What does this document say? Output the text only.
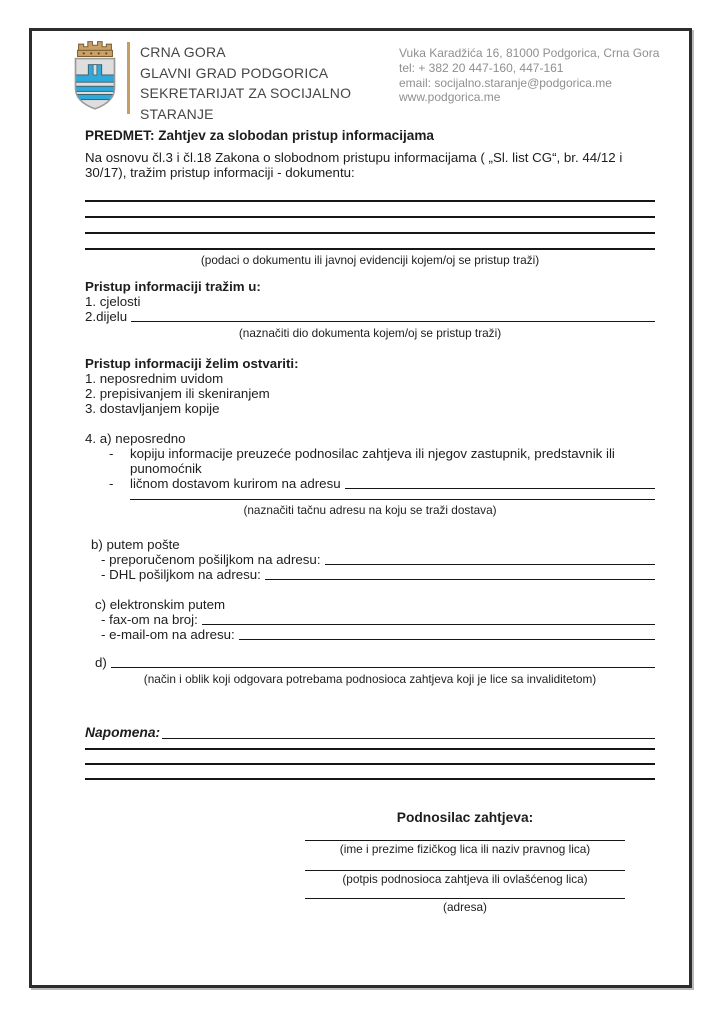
CRNA GORA
GLAVNI GRAD PODGORICA
SEKRETARIJAT ZA SOCIJALNO
STARANJE
Vuka Karadžića 16, 81000 Podgorica, Crna Gora
tel: + 382 20 447-160, 447-161
email: socijalno.staranje@podgorica.me
www.podgorica.me
PREDMET: Zahtjev za slobodan pristup informacijama
Na osnovu čl.3 i čl.18 Zakona o slobodnom pristupu informacijama ( „Sl. list CG“, br. 44/12 i 30/17), tražim pristup informaciji - dokumentu:
(podaci o dokumentu ili javnoj evidenciji kojem/oj se pristup traži)
Pristup informaciji tražim u:
1. cjelosti
2.dijelu
(naznačiti dio dokumenta kojem/oj se pristup traži)
Pristup informaciji želim ostvariti:
1. neposrednim uvidom
2. prepisivanjem ili skeniranjem
3. dostavljanjem kopije
4. a) neposredno
-	kopiju informacije preuzeće podnosilac zahtjeva ili njegov zastupnik, predstavnik ili punomoćnik
-	ličnom dostavom kurirom na adresu
(naznačiti tačnu adresu na koju se traži dostava)
b) putem pošte
- preporučenom pošiljkom na adresu:
- DHL pošiljkom na adresu:
c) elektronskim putem
- fax-om na broj:
- e-mail-om na adresu:
d)
(način i oblik koji odgovara potrebama podnosioca zahtjeva koji je lice sa invaliditetom)
Napomena:
Podnosilac zahtjeva:
(ime i prezime fizičkog lica ili naziv pravnog lica)
(potpis podnosioca zahtjeva ili ovlašćenog lica)
(adresa)
